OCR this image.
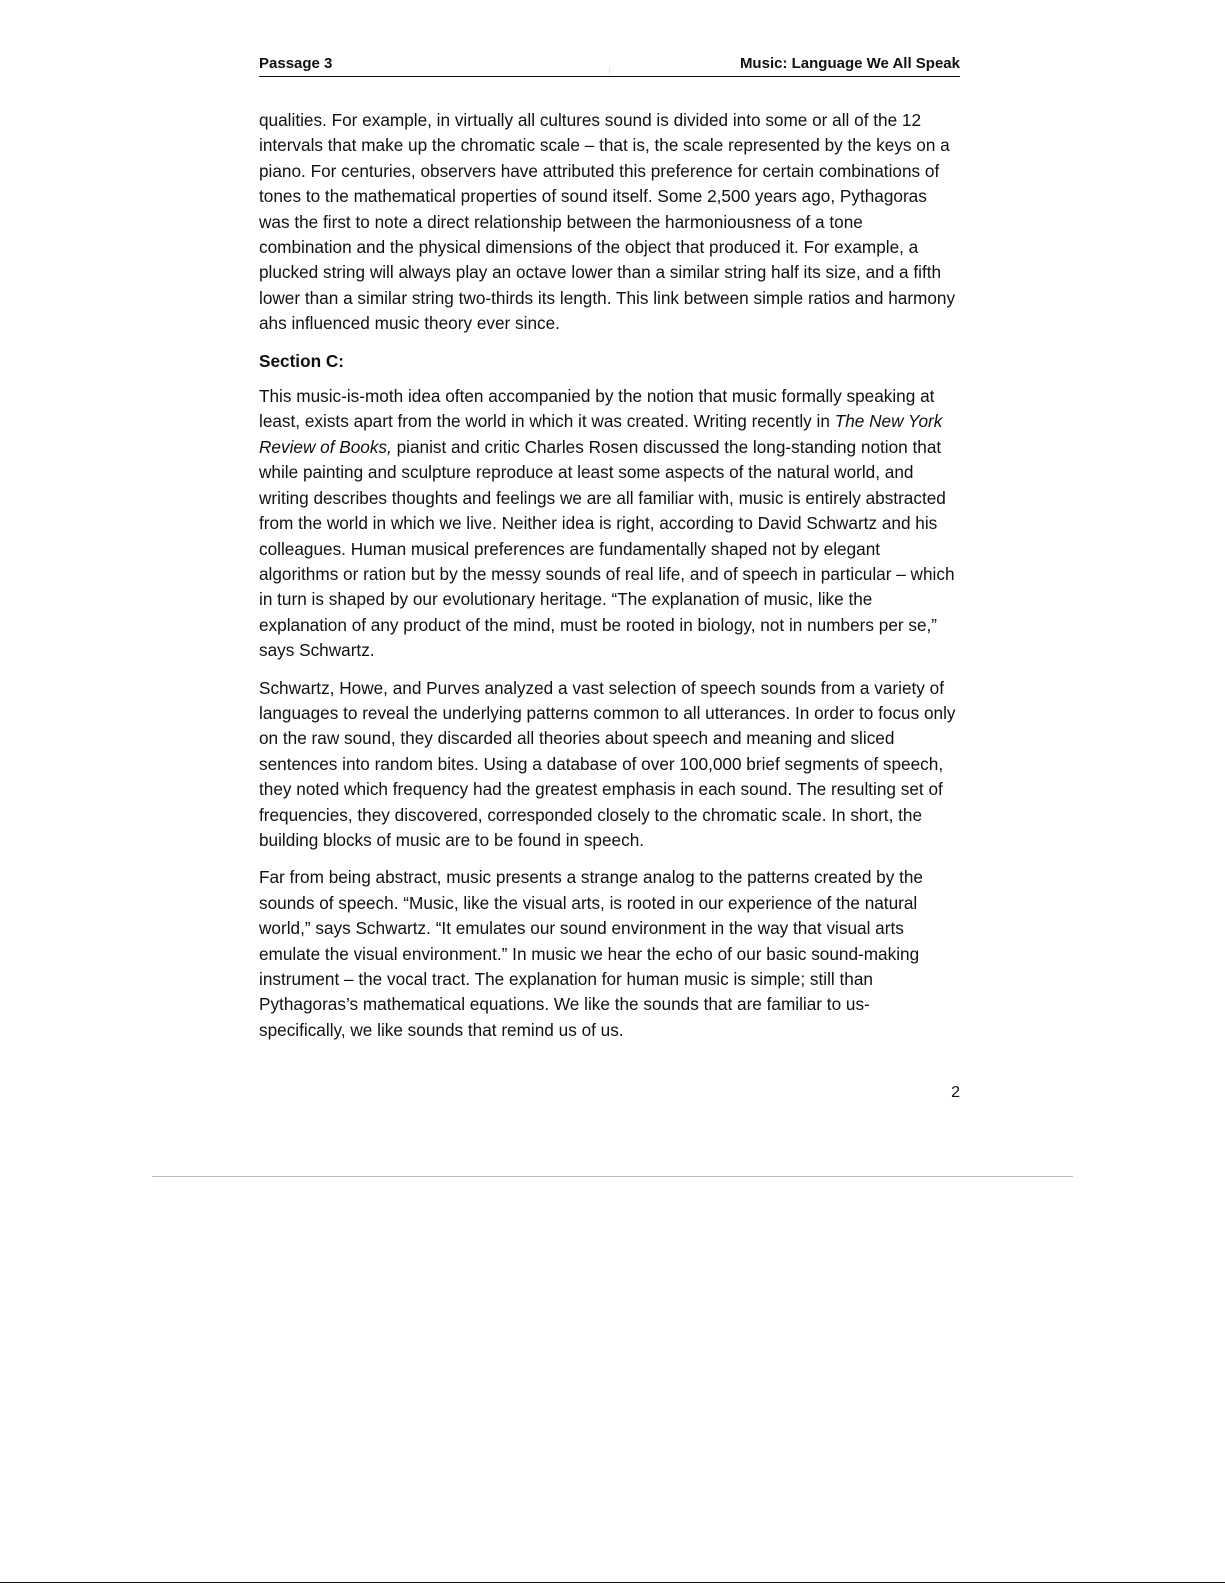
Passage 3	Music: Language We All Speak

qualities. For example, in virtually all cultures sound is divided into some or all of the 12 intervals that make up the chromatic scale – that is, the scale represented by the keys on a piano. For centuries, observers have attributed this preference for certain combinations of tones to the mathematical properties of sound itself. Some 2,500 years ago, Pythagoras was the first to note a direct relationship between the harmoniousness of a tone combination and the physical dimensions of the object that produced it. For example, a plucked string will always play an octave lower than a similar string half its size, and a fifth lower than a similar string two-thirds its length. This link between simple ratios and harmony ahs influenced music theory ever since.

Section C:

This music-is-moth idea often accompanied by the notion that music formally speaking at least, exists apart from the world in which it was created. Writing recently in The New York Review of Books, pianist and critic Charles Rosen discussed the long-standing notion that while painting and sculpture reproduce at least some aspects of the natural world, and writing describes thoughts and feelings we are all familiar with, music is entirely abstracted from the world in which we live. Neither idea is right, according to David Schwartz and his colleagues. Human musical preferences are fundamentally shaped not by elegant algorithms or ration but by the messy sounds of real life, and of speech in particular – which in turn is shaped by our evolutionary heritage. “The explanation of music, like the explanation of any product of the mind, must be rooted in biology, not in numbers per se,” says Schwartz.

Schwartz, Howe, and Purves analyzed a vast selection of speech sounds from a variety of languages to reveal the underlying patterns common to all utterances. In order to focus only on the raw sound, they discarded all theories about speech and meaning and sliced sentences into random bites. Using a database of over 100,000 brief segments of speech, they noted which frequency had the greatest emphasis in each sound. The resulting set of frequencies, they discovered, corresponded closely to the chromatic scale. In short, the building blocks of music are to be found in speech.

Far from being abstract, music presents a strange analog to the patterns created by the sounds of speech. “Music, like the visual arts, is rooted in our experience of the natural world,” says Schwartz. “It emulates our sound environment in the way that visual arts emulate the visual environment.” In music we hear the echo of our basic sound-making instrument – the vocal tract. The explanation for human music is simple; still than Pythagoras’s mathematical equations. We like the sounds that are familiar to us- specifically, we like sounds that remind us of us.

2
